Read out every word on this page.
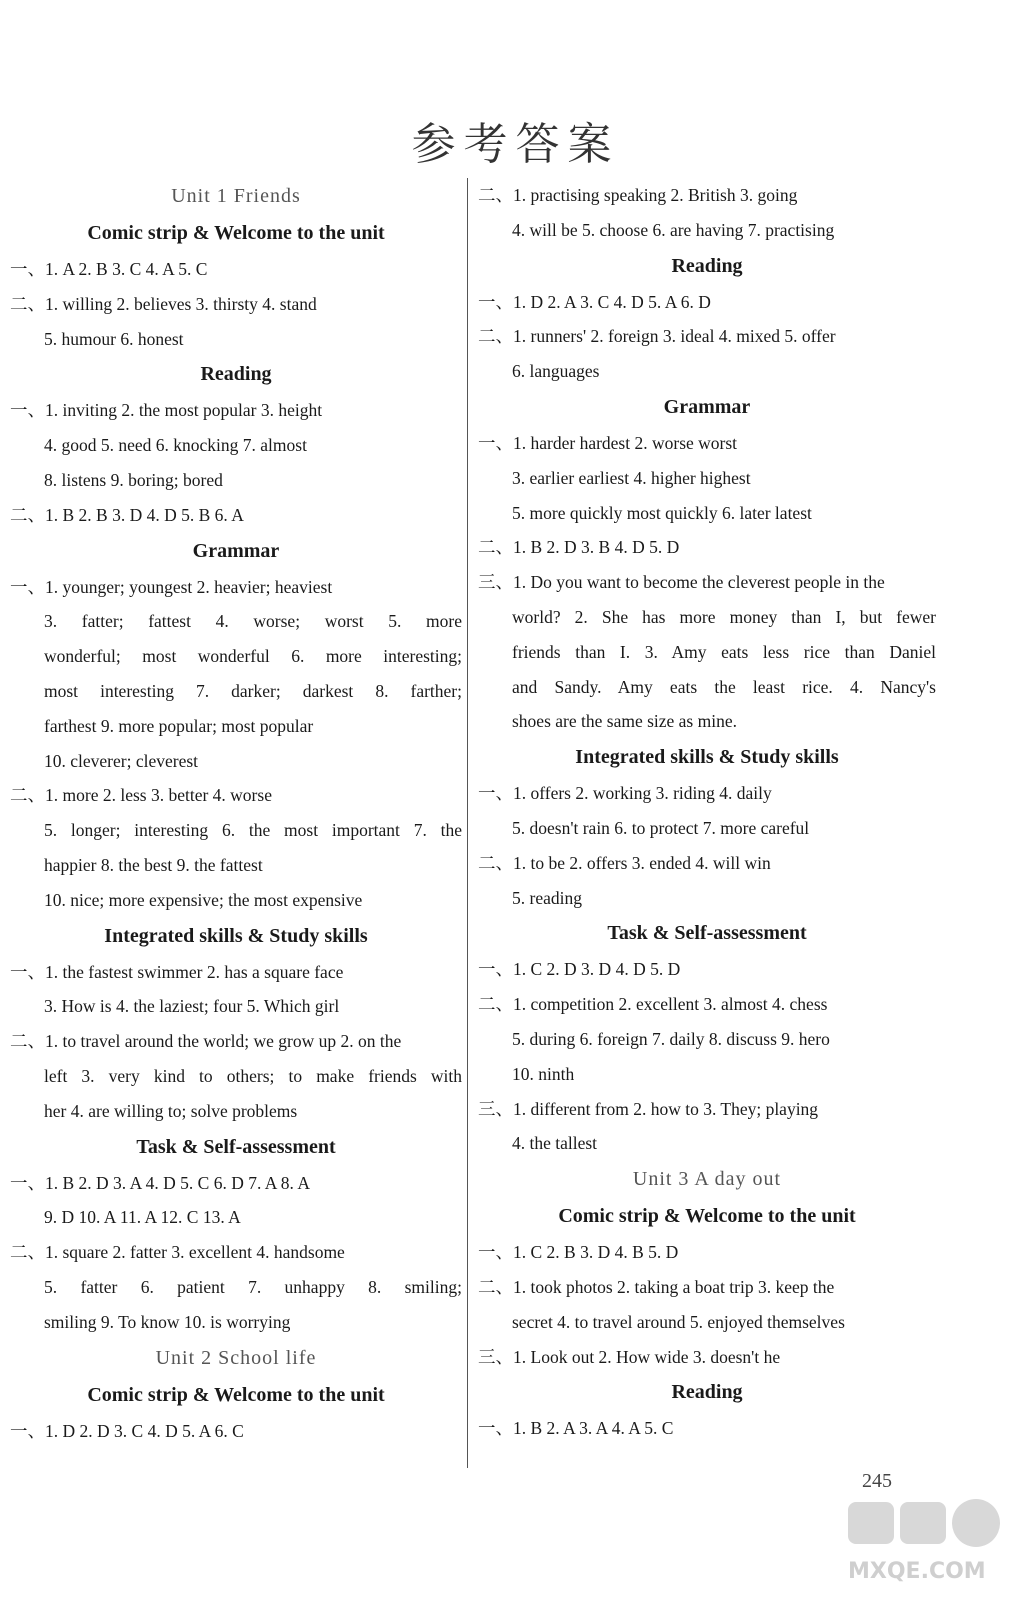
参考答案
Unit 1 Friends
Comic strip & Welcome to the unit
一、1. A 2. B 3. C 4. A 5. C
二、1. willing 2. believes 3. thirsty 4. stand
5. humour 6. honest
Reading
一、1. inviting 2. the most popular 3. height
4. good 5. need 6. knocking 7. almost
8. listens 9. boring; bored
二、1. B 2. B 3. D 4. D 5. B 6. A
Grammar
一、1. younger; youngest 2. heavier; heaviest
3. fatter; fattest 4. worse; worst 5. more
wonderful; most wonderful 6. more interesting;
most interesting 7. darker; darkest 8. farther;
farthest 9. more popular; most popular
10. cleverer; cleverest
二、1. more 2. less 3. better 4. worse
5. longer; interesting 6. the most important 7. the
happier 8. the best 9. the fattest
10. nice; more expensive; the most expensive
Integrated skills & Study skills
一、1. the fastest swimmer 2. has a square face
3. How is 4. the laziest; four 5. Which girl
二、1. to travel around the world; we grow up 2. on the
left 3. very kind to others; to make friends with
her 4. are willing to; solve problems
Task & Self-assessment
一、1. B 2. D 3. A 4. D 5. C 6. D 7. A 8. A
9. D 10. A 11. A 12. C 13. A
二、1. square 2. fatter 3. excellent 4. handsome
5. fatter 6. patient 7. unhappy 8. smiling;
smiling 9. To know 10. is worrying
Unit 2 School life
Comic strip & Welcome to the unit
一、1. D 2. D 3. C 4. D 5. A 6. C
二、1. practising speaking 2. British 3. going
4. will be 5. choose 6. are having 7. practising
Reading
一、1. D 2. A 3. C 4. D 5. A 6. D
二、1. runners' 2. foreign 3. ideal 4. mixed 5. offer
6. languages
Grammar
一、1. harder hardest 2. worse worst
3. earlier earliest 4. higher highest
5. more quickly most quickly 6. later latest
二、1. B 2. D 3. B 4. D 5. D
三、1. Do you want to become the cleverest people in the
world? 2. She has more money than I, but fewer
friends than I. 3. Amy eats less rice than Daniel
and Sandy. Amy eats the least rice. 4. Nancy's
shoes are the same size as mine.
Integrated skills & Study skills
一、1. offers 2. working 3. riding 4. daily
5. doesn't rain 6. to protect 7. more careful
二、1. to be 2. offers 3. ended 4. will win
5. reading
Task & Self-assessment
一、1. C 2. D 3. D 4. D 5. D
二、1. competition 2. excellent 3. almost 4. chess
5. during 6. foreign 7. daily 8. discuss 9. hero
10. ninth
三、1. different from 2. how to 3. They; playing
4. the tallest
Unit 3 A day out
Comic strip & Welcome to the unit
一、1. C 2. B 3. D 4. B 5. D
二、1. took photos 2. taking a boat trip 3. keep the
secret 4. to travel around 5. enjoyed themselves
三、1. Look out 2. How wide 3. doesn't he
Reading
一、1. B 2. A 3. A 4. A 5. C
245
MXQE.COM
